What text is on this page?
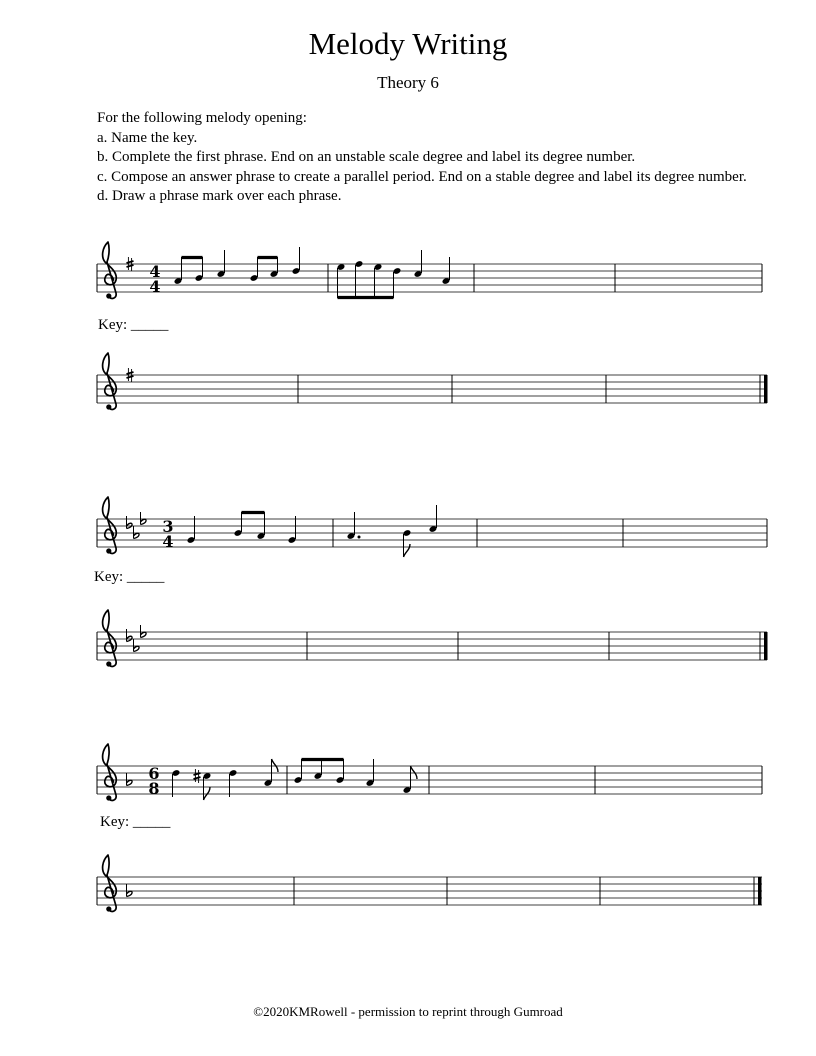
Melody Writing
Theory 6
For the following melody opening:
a. Name the key.
b. Complete the first phrase. End on an unstable scale degree and label its degree number.
c. Compose an answer phrase to create a parallel period. End on a stable degree and label its degree number.
d. Draw a phrase mark over each phrase.
Key: _____
Key: _____
Key: _____
©2020KMRowell - permission to reprint through Gumroad
4
4
3
4
6
8
